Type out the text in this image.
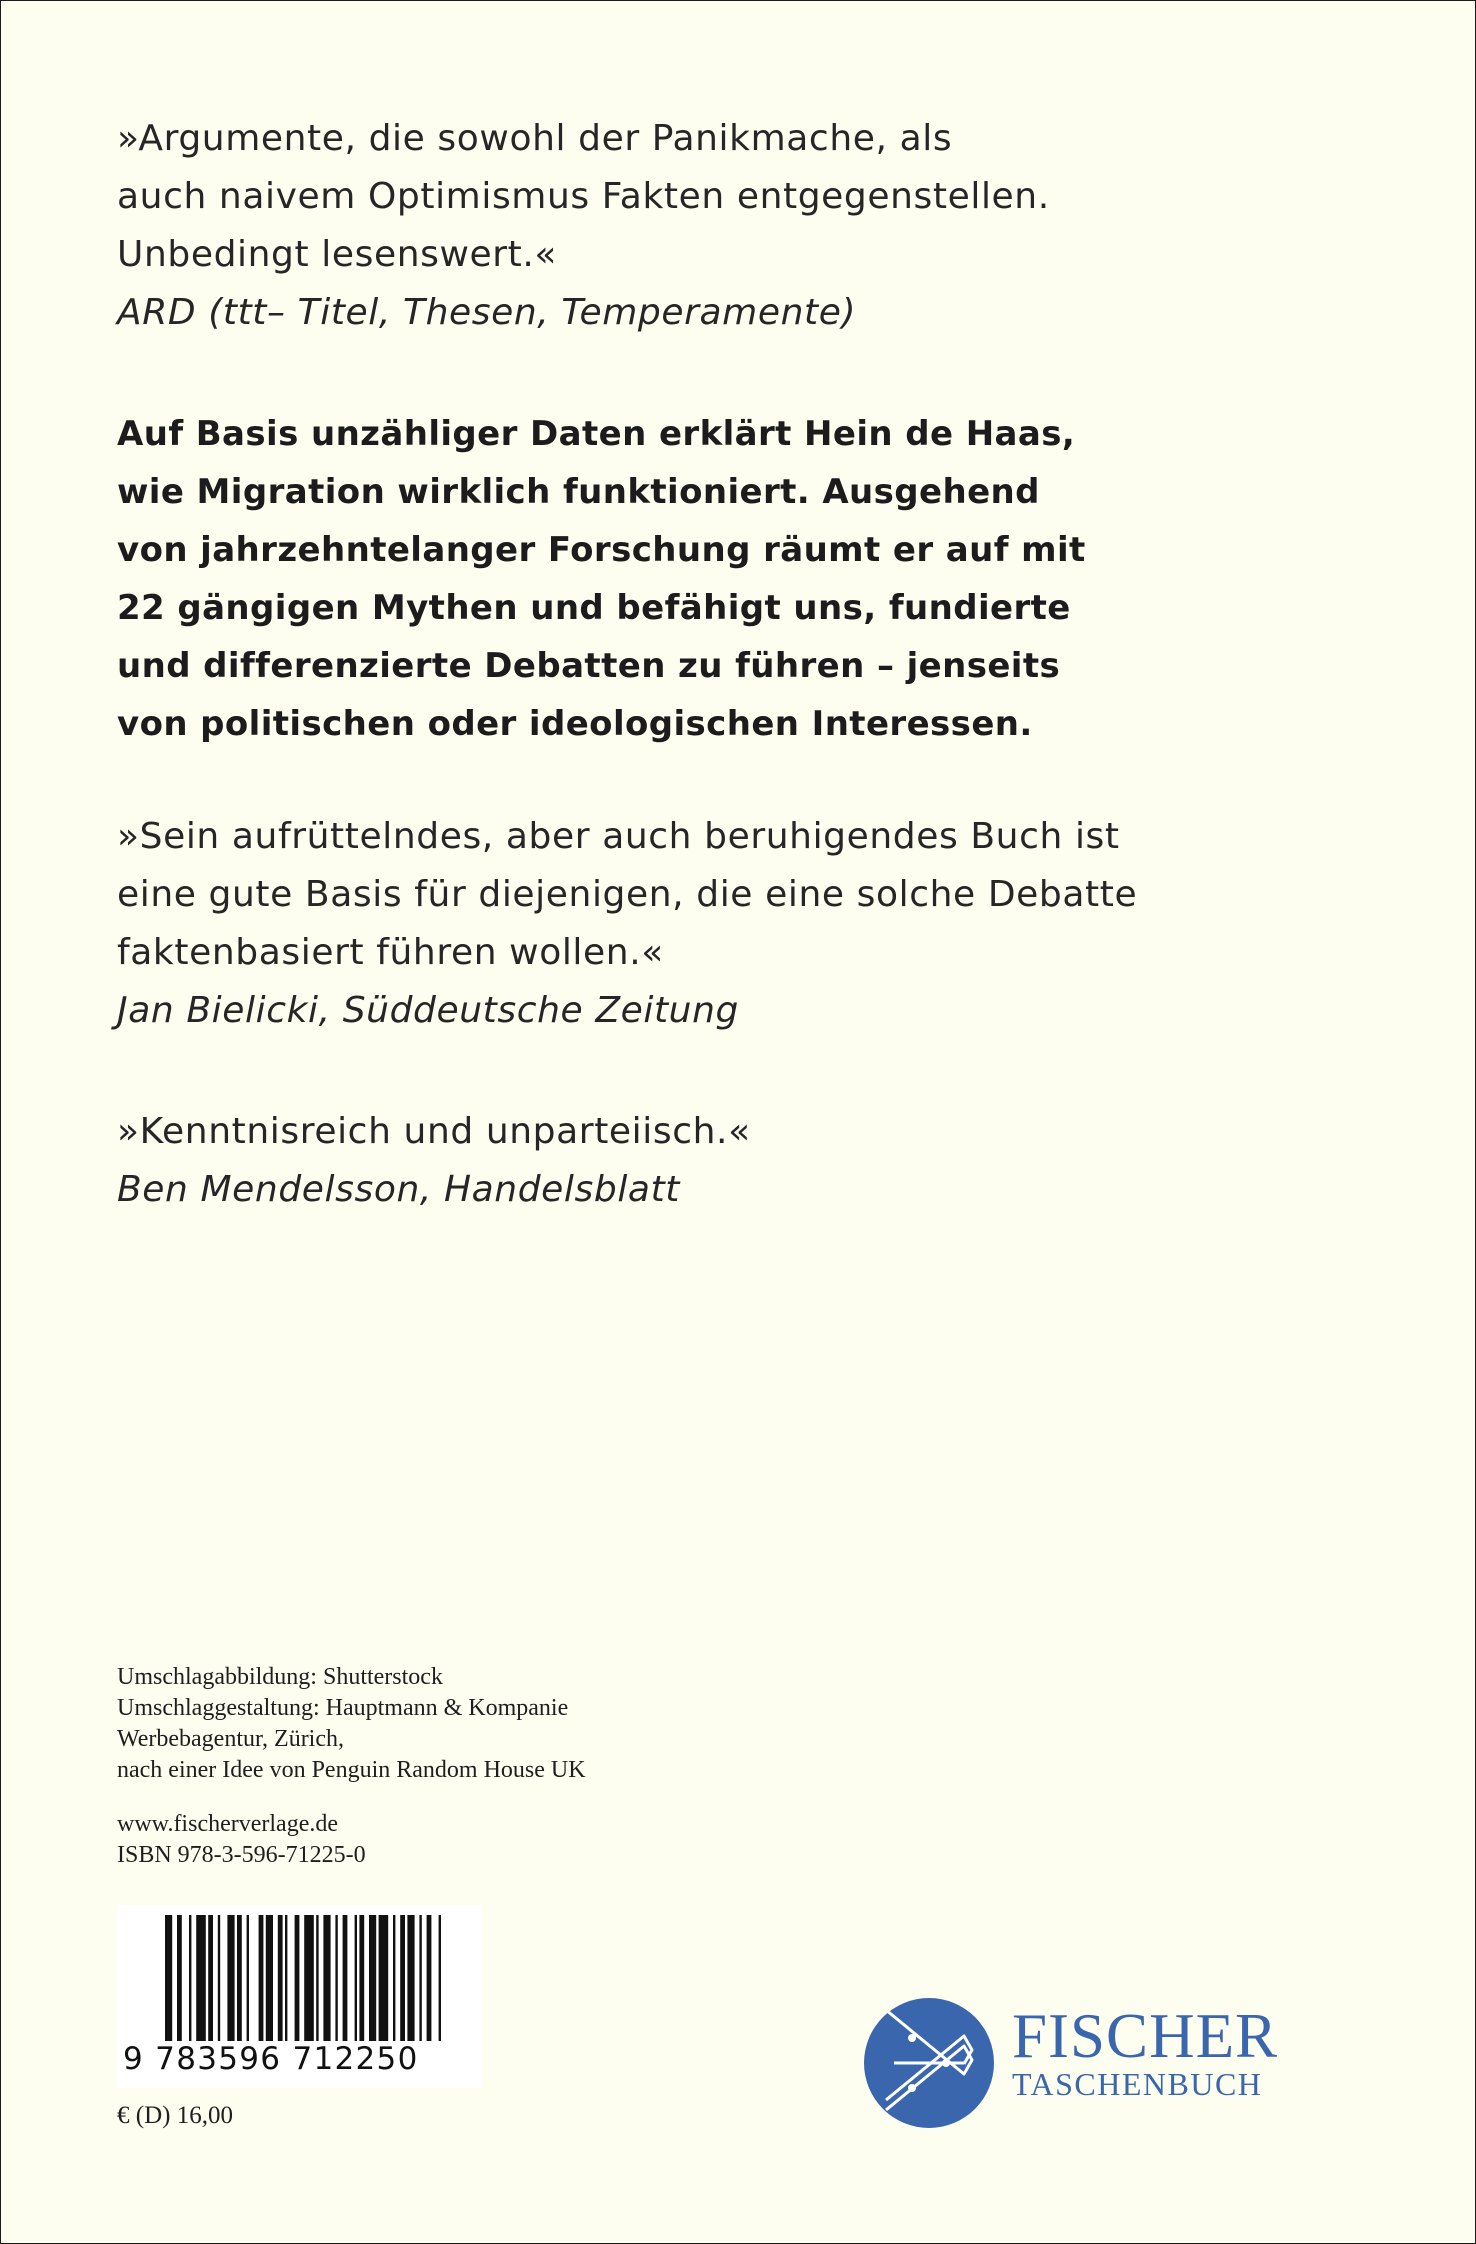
»Argumente, die sowohl der Panikmache, als
auch naivem Optimismus Fakten entgegenstellen.
Unbedingt lesenswert.«
ARD (ttt– Titel, Thesen, Temperamente)
Auf Basis unzähliger Daten erklärt Hein de Haas,
wie Migration wirklich funktioniert. Ausgehend
von jahrzehntelanger Forschung räumt er auf mit
22 gängigen Mythen und befähigt uns, fundierte
und differenzierte Debatten zu führen – jenseits
von politischen oder ideologischen Interessen.
»Sein aufrüttelndes, aber auch beruhigendes Buch ist
eine gute Basis für diejenigen, die eine solche Debatte
faktenbasiert führen wollen.«
Jan Bielicki, Süddeutsche Zeitung
»Kenntnisreich und unparteiisch.«
Ben Mendelsson, Handelsblatt
Umschlagabbildung: Shutterstock
Umschlaggestaltung: Hauptmann & Kompanie
Werbebagentur, Zürich,
nach einer Idee von Penguin Random House UK
www.fischerverlage.de
ISBN 978-3-596-71225-0
9 783596 712250
€ (D) 16,00
FISCHER
TASCHENBUCH
